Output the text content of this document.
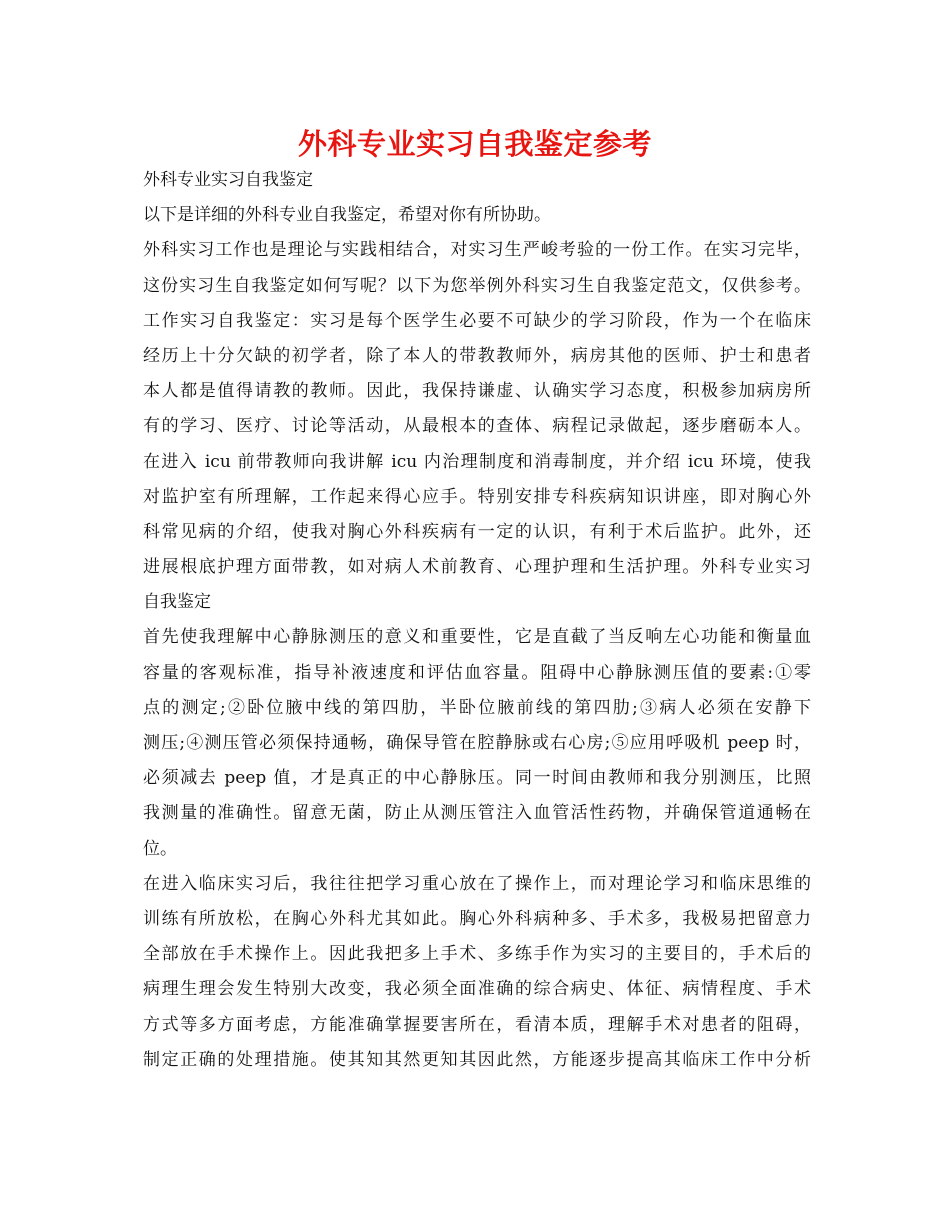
外科专业实习自我鉴定参考
外科专业实习自我鉴定
以下是详细的外科专业自我鉴定，希望对你有所协助。
外科实习工作也是理论与实践相结合，对实习生严峻考验的一份工作。在实习完毕，
这份实习生自我鉴定如何写呢？以下为您举例外科实习生自我鉴定范文，仅供参考。
工作实习自我鉴定：实习是每个医学生必要不可缺少的学习阶段，作为一个在临床
经历上十分欠缺的初学者，除了本人的带教教师外，病房其他的医师、护士和患者
本人都是值得请教的教师。因此，我保持谦虚、认确实学习态度，积极参加病房所
有的学习、医疗、讨论等活动，从最根本的查体、病程记录做起，逐步磨砺本人。
在进入 icu 前带教师向我讲解 icu 内治理制度和消毒制度，并介绍 icu 环境，使我
对监护室有所理解，工作起来得心应手。特别安排专科疾病知识讲座，即对胸心外
科常见病的介绍，使我对胸心外科疾病有一定的认识，有利于术后监护。此外，还
进展根底护理方面带教，如对病人术前教育、心理护理和生活护理。外科专业实习
自我鉴定
首先使我理解中心静脉测压的意义和重要性，它是直截了当反响左心功能和衡量血
容量的客观标准，指导补液速度和评估血容量。阻碍中心静脉测压值的要素:①零
点的测定;②卧位腋中线的第四肋，半卧位腋前线的第四肋;③病人必须在安静下
测压;④测压管必须保持通畅，确保导管在腔静脉或右心房;⑤应用呼吸机 peep 时，
必须减去 peep 值，才是真正的中心静脉压。同一时间由教师和我分别测压，比照
我测量的准确性。留意无菌，防止从测压管注入血管活性药物，并确保管道通畅在
位。
在进入临床实习后，我往往把学习重心放在了操作上，而对理论学习和临床思维的
训练有所放松，在胸心外科尤其如此。胸心外科病种多、手术多，我极易把留意力
全部放在手术操作上。因此我把多上手术、多练手作为实习的主要目的，手术后的
病理生理会发生特别大改变，我必须全面准确的综合病史、体征、病情程度、手术
方式等多方面考虑，方能准确掌握要害所在，看清本质，理解手术对患者的阻碍，
制定正确的处理措施。使其知其然更知其因此然，方能逐步提高其临床工作中分析
